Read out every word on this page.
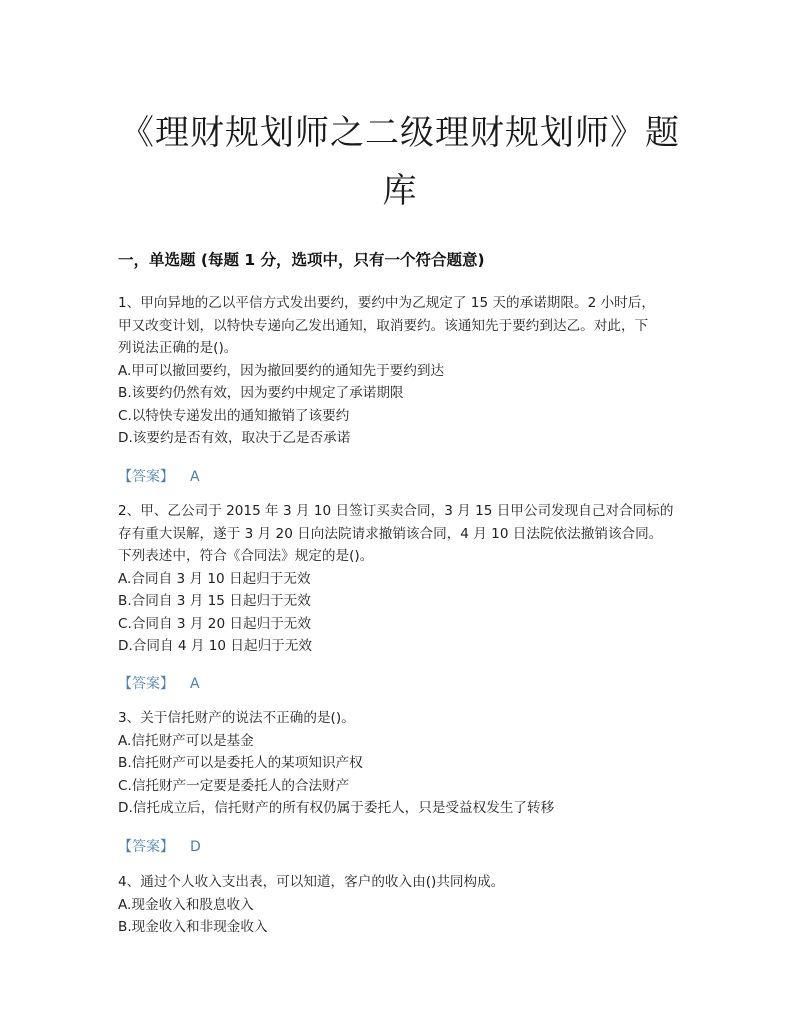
《理财规划师之二级理财规划师》题
库
一，单选题 (每题 1 分，选项中，只有一个符合题意)

1、甲向异地的乙以平信方式发出要约，要约中为乙规定了 15 天的承诺期限。2 小时后，

甲又改变计划，以特快专递向乙发出通知，取消要约。该通知先于要约到达乙。对此，下

列说法正确的是()。

A.甲可以撤回要约，因为撤回要约的通知先于要约到达

B.该要约仍然有效，因为要约中规定了承诺期限

C.以特快专递发出的通知撤销了该要约

D.该要约是否有效，取决于乙是否承诺

【答案】 A

2、甲、乙公司于 2015 年 3 月 10 日签订买卖合同，3 月 15 日甲公司发现自己对合同标的

存有重大误解，遂于 3 月 20 日向法院请求撤销该合同，4 月 10 日法院依法撤销该合同。

下列表述中，符合《合同法》规定的是()。

A.合同自 3 月 10 日起归于无效

B.合同自 3 月 15 日起归于无效

C.合同自 3 月 20 日起归于无效

D.合同自 4 月 10 日起归于无效

【答案】 A

3、关于信托财产的说法不正确的是()。

A.信托财产可以是基金

B.信托财产可以是委托人的某项知识产权

C.信托财产一定要是委托人的合法财产

D.信托成立后，信托财产的所有权仍属于委托人，只是受益权发生了转移

【答案】 D

4、通过个人收入支出表，可以知道，客户的收入由()共同构成。

A.现金收入和股息收入

B.现金收入和非现金收入
